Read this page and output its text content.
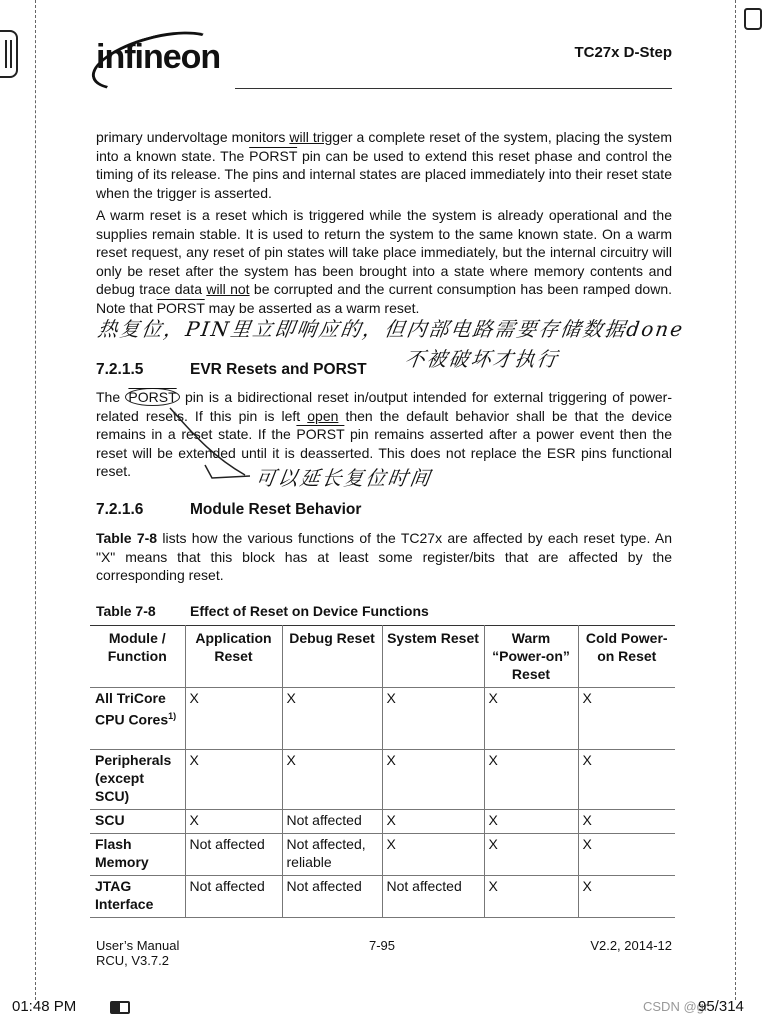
infineon	TC27x D-Step

primary undervoltage monitors will trigger a complete reset of the system, placing the system into a known state. The PORST pin can be used to extend this reset phase and control the timing of its release. The pins and internal states are placed immediately into their reset state when the trigger is asserted.

A warm reset is a reset which is triggered while the system is already operational and the supplies remain stable. It is used to return the system to the same known state. On a warm reset request, any reset of pin states will take place immediately, but the internal circuitry will only be reset after the system has been brought into a state where memory contents and debug trace data will not be corrupted and the current consumption has been ramped down. Note that PORST may be asserted as a warm reset.

热复位，PIN里立即响应的，但内部电路需要存储数据done
不被破坏才执行
7.2.1.5	EVR Resets and PORST

The PORST pin is a bidirectional reset in/output intended for external triggering of power-related resets. If this pin is left open then the default behavior shall be that the device remains in a reset state. If the PORST pin remains asserted after a power event then the reset will be extended until it is deasserted. This does not replace the ESR pins functional reset.	可以延长复位时间
7.2.1.6	Module Reset Behavior

Table 7-8 lists how the various functions of the TC27x are affected by each reset type. An "X" means that this block has at least some register/bits that are affected by the corresponding reset.

Table 7-8 Effect of Reset on Device Functions
Module / Function	Application Reset	Debug Reset	System Reset	Warm “Power-on” Reset	Cold Power-on Reset
All TriCore CPU Cores$^{1)}$	X	X	X	X	X
Peripherals (except SCU)	X	X	X	X	X
SCU	X	Not affected	X	X	X
Flash Memory	Not affected	Not affected, reliable	X	X	X
JTAG Interface	Not affected	Not affected	Not affected	X	X
User’s Manual
RCU, V3.7.2
7-95	V2.2, 2014-12
01:48 PM	CSDN @gr
95/314
